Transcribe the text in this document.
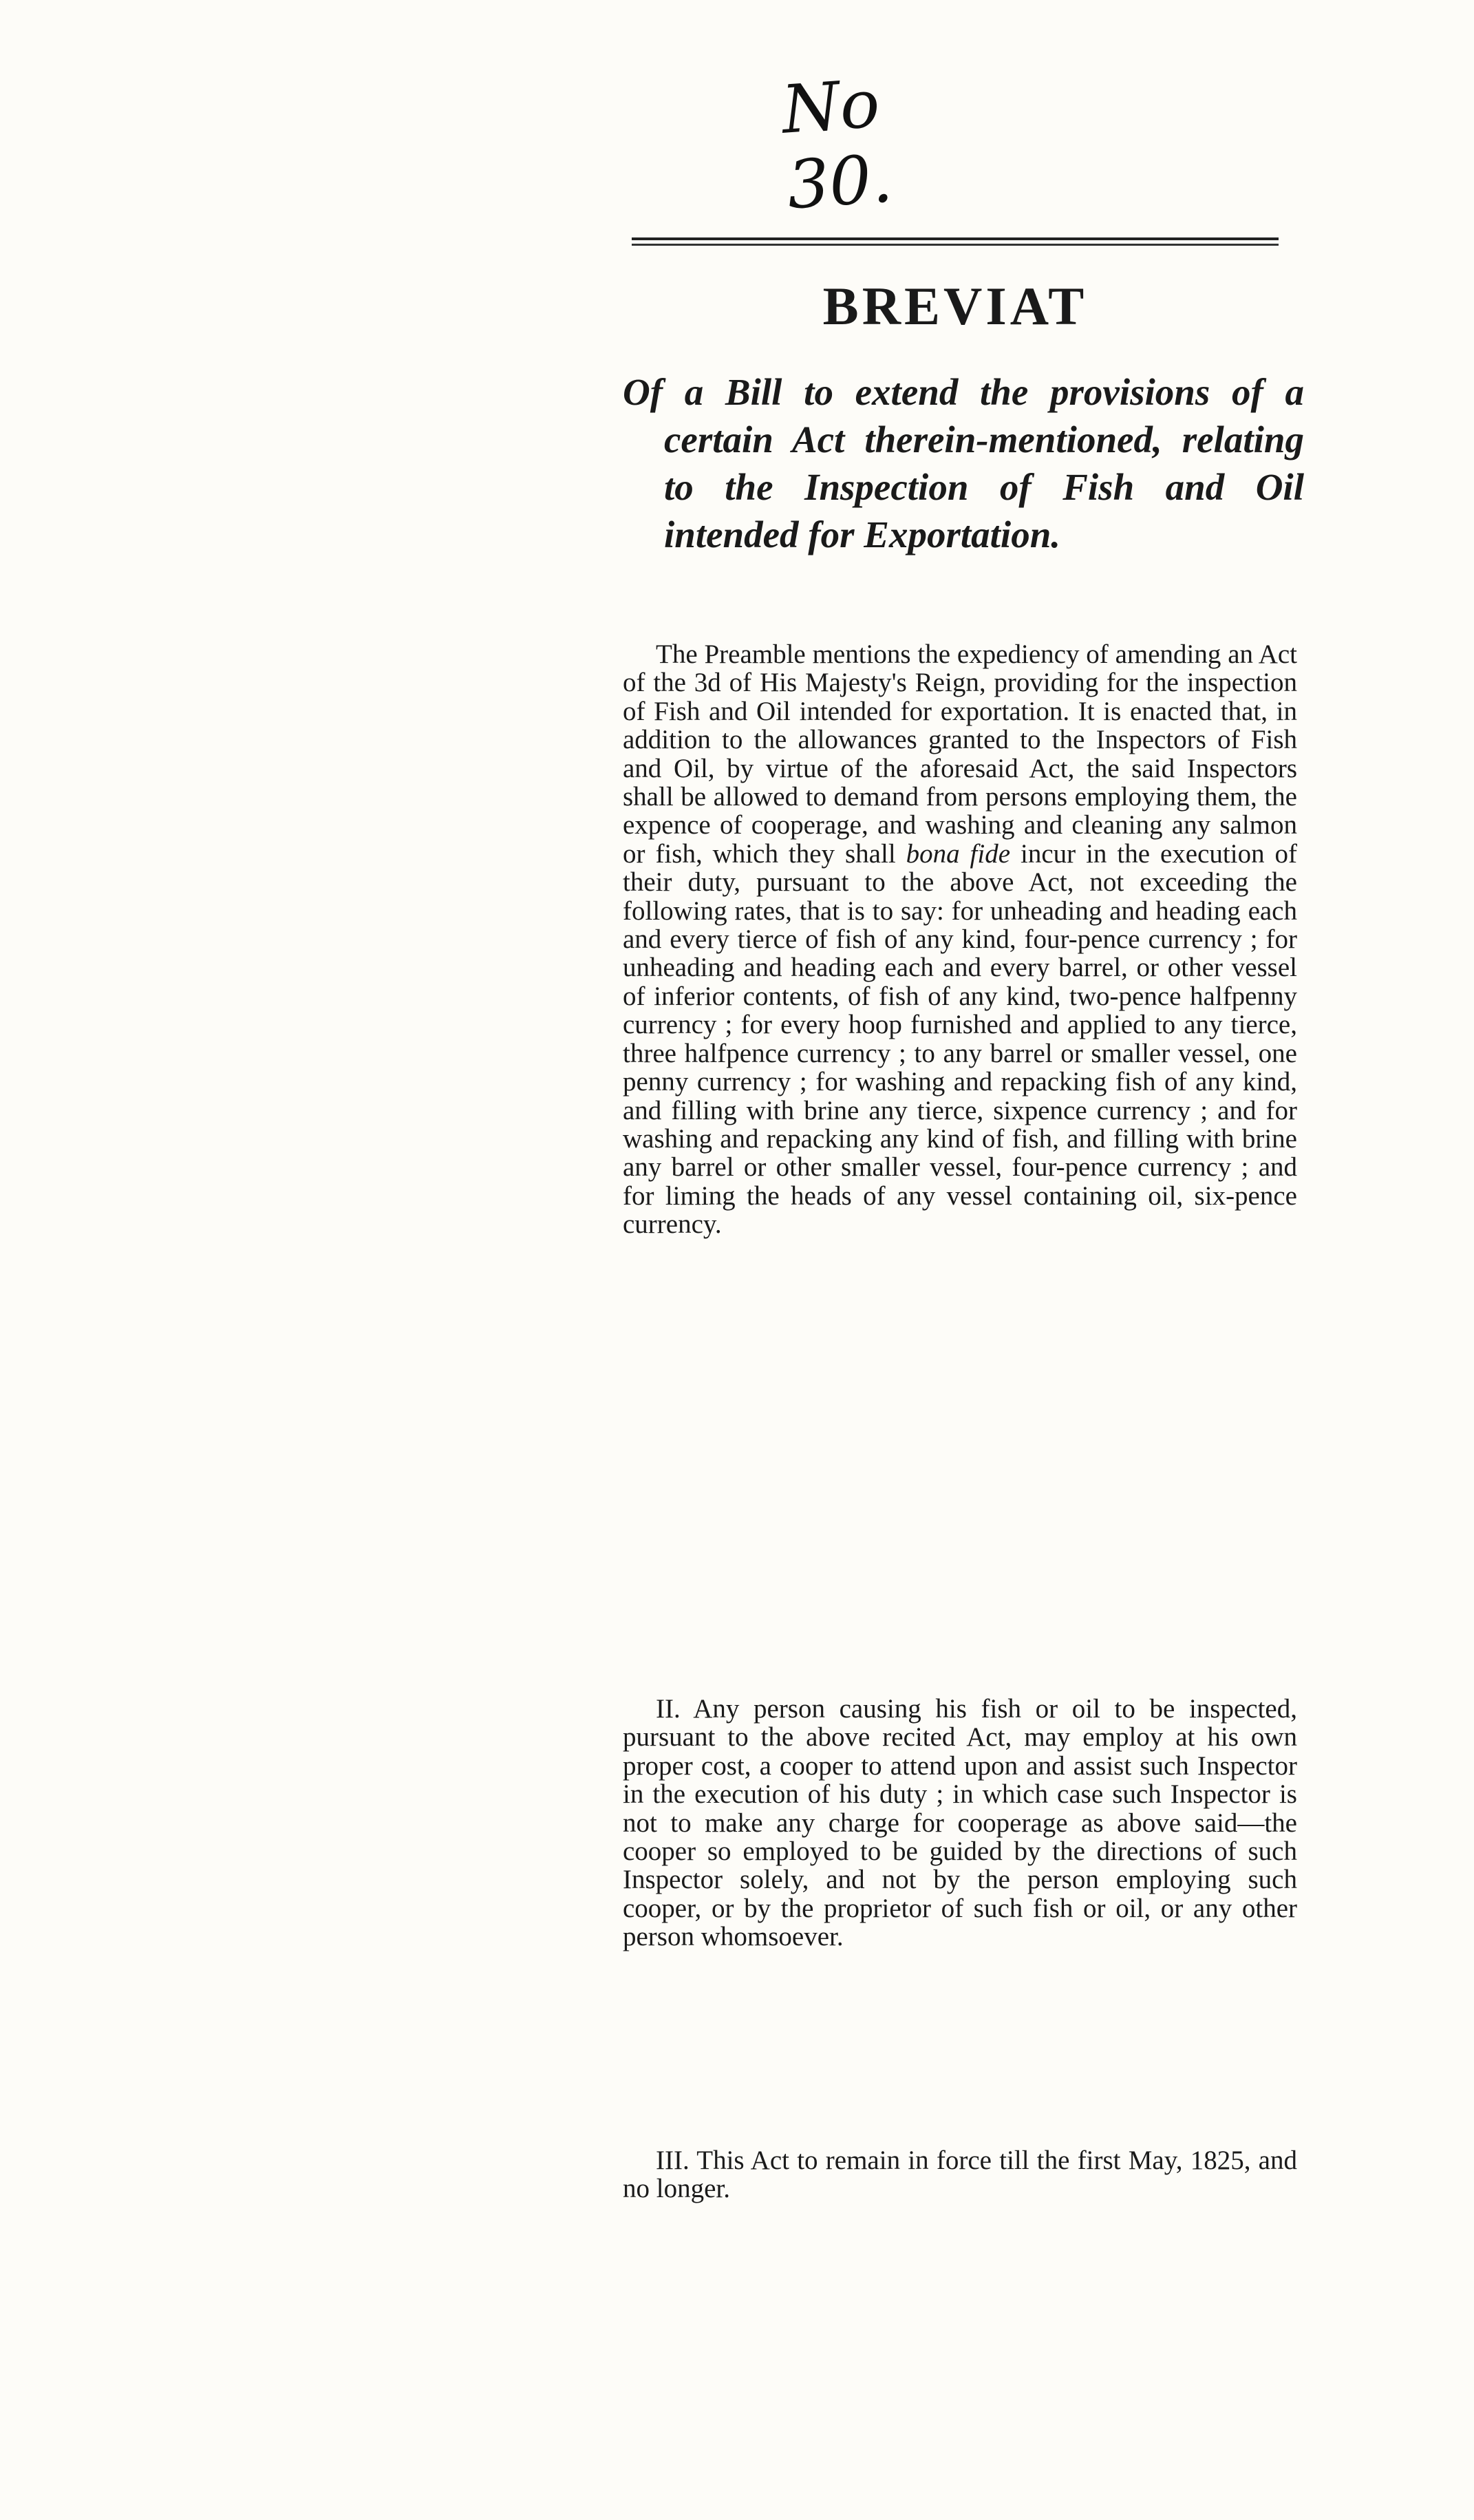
No 30.
BREVIAT

Of a Bill to extend the provisions of a certain Act therein-mentioned, relating to the Inspection of Fish and Oil intended for Exportation.

The Preamble mentions the expediency of amending an Act of the 3d of His Majesty's Reign, providing for the inspection of Fish and Oil intended for exportation. It is enacted that, in addition to the allowances granted to the Inspectors of Fish and Oil, by virtue of the aforesaid Act, the said Inspectors shall be allowed to demand from persons employing them, the expence of cooperage, and washing and cleaning any salmon or fish, which they shall bona fide incur in the execution of their duty, pursuant to the above Act, not exceeding the following rates, that is to say: for unheading and heading each and every tierce of fish of any kind, four-pence currency ; for unheading and heading each and every barrel, or other vessel of inferior contents, of fish of any kind, two-pence halfpenny currency ; for every hoop furnished and applied to any tierce, three halfpence currency ; to any barrel or smaller vessel, one penny currency ; for washing and repacking fish of any kind, and filling with brine any tierce, sixpence currency ; and for washing and repacking any kind of fish, and filling with brine any barrel or other smaller vessel, four-pence currency ; and for liming the heads of any vessel containing oil, six-pence currency.

II. Any person causing his fish or oil to be inspected, pursuant to the above recited Act, may employ at his own proper cost, a cooper to attend upon and assist such Inspector in the execution of his duty ; in which case such Inspector is not to make any charge for cooperage as above said—the cooper so employed to be guided by the directions of such Inspector solely, and not by the person employing such cooper, or by the proprietor of such fish or oil, or any other person whomsoever.

III. This Act to remain in force till the first May, 1825, and no longer.
